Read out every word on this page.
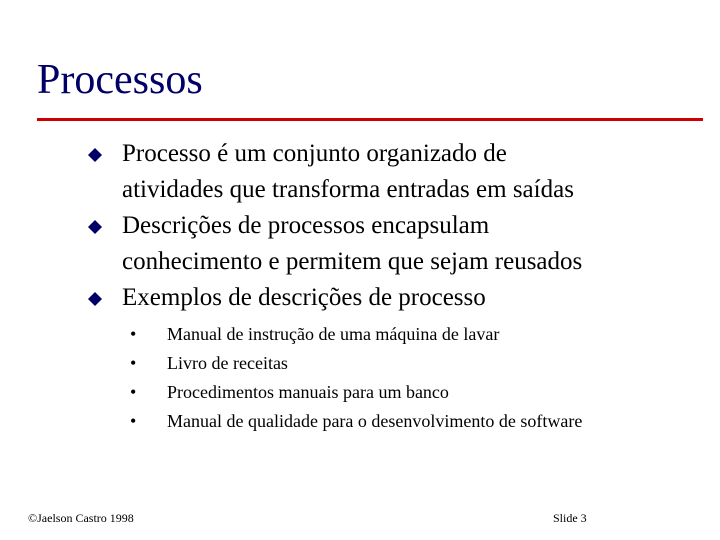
Processos
Processo é um conjunto organizado de
atividades que transforma entradas em saídas
Descrições de processos encapsulam
conhecimento e permitem que sejam reusados
Exemplos de descrições de processo
• Manual de instrução de uma máquina de lavar
• Livro de receitas
• Procedimentos manuais para um banco
• Manual de qualidade para o desenvolvimento de software
©Jaelson Castro 1998	Slide 3
